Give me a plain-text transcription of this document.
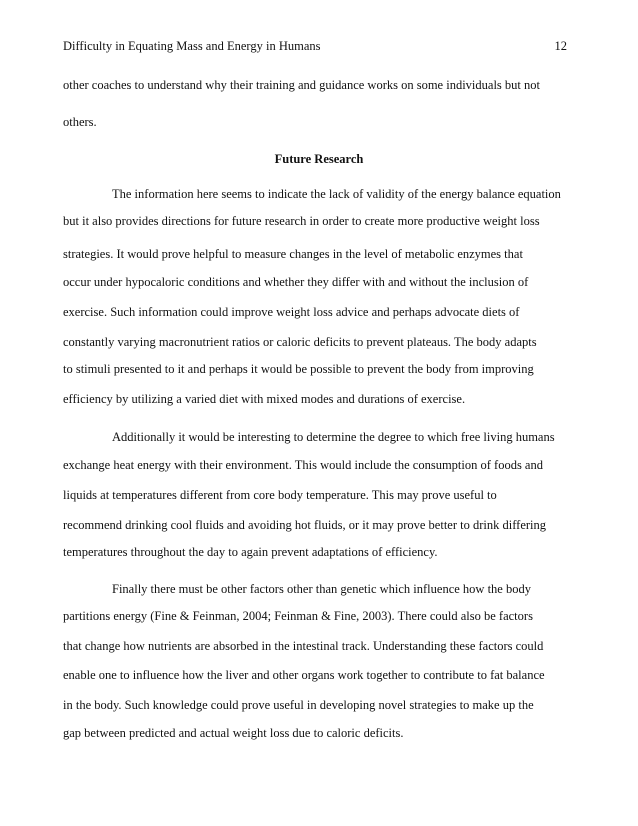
Difficulty in Equating Mass and Energy in Humans	12
other coaches to understand why their training and guidance works on some individuals but not
others.
Future Research
The information here seems to indicate the lack of validity of the energy balance equation
but it also provides directions for future research in order to create more productive weight loss
strategies. It would prove helpful to measure changes in the level of metabolic enzymes that
occur under hypocaloric conditions and whether they differ with and without the inclusion of
exercise. Such information could improve weight loss advice and perhaps advocate diets of
constantly varying macronutrient ratios or caloric deficits to prevent plateaus. The body adapts
to stimuli presented to it and perhaps it would be possible to prevent the body from improving
efficiency by utilizing a varied diet with mixed modes and durations of exercise.
Additionally it would be interesting to determine the degree to which free living humans
exchange heat energy with their environment. This would include the consumption of foods and
liquids at temperatures different from core body temperature. This may prove useful to
recommend drinking cool fluids and avoiding hot fluids, or it may prove better to drink differing
temperatures throughout the day to again prevent adaptations of efficiency.
Finally there must be other factors other than genetic which influence how the body
partitions energy (Fine & Feinman, 2004; Feinman & Fine, 2003). There could also be factors
that change how nutrients are absorbed in the intestinal track. Understanding these factors could
enable one to influence how the liver and other organs work together to contribute to fat balance
in the body. Such knowledge could prove useful in developing novel strategies to make up the
gap between predicted and actual weight loss due to caloric deficits.
